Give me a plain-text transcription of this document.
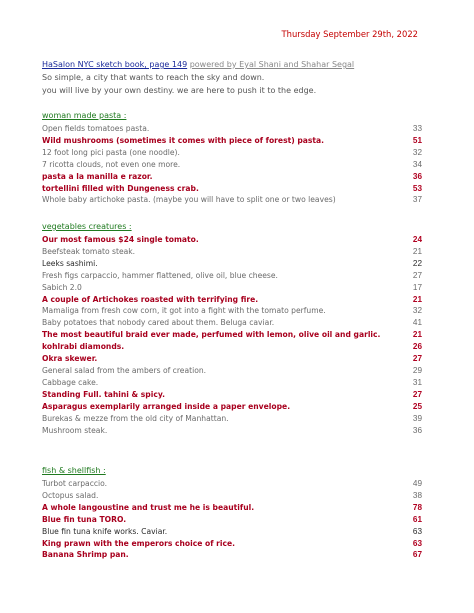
Thursday September 29th, 2022
HaSalon NYC sketch book, page 149 powered by Eyal Shani and Shahar Segal
So simple, a city that wants to reach the sky and down.
you will live by your own destiny. we are here to push it to the edge.
woman made pasta :
Open fields tomatoes pasta.	33
Wild mushrooms (sometimes it comes with piece of forest) pasta.	51
12 foot long pici pasta (one noodle).	32
7 ricotta clouds, not even one more.	34
pasta a la manilla e razor.	36
tortellini filled with Dungeness crab.	53
Whole baby artichoke pasta. (maybe you will have to split one or two leaves)	37
vegetables creatures :
Our most famous $24 single tomato.	24
Beefsteak tomato steak.	21
Leeks sashimi.	22
Fresh figs carpaccio, hammer flattened, olive oil, blue cheese.	27
Sabich 2.0	17
A couple of Artichokes roasted with terrifying fire.	21
Mamaliga from fresh cow corn, it got into a fight with the tomato perfume.	32
Baby potatoes that nobody cared about them. Beluga caviar.	41
The most beautiful braid ever made, perfumed with lemon, olive oil and garlic.	21
kohlrabi diamonds.	26
Okra skewer.	27
General salad from the ambers of creation.	29
Cabbage cake.	31
Standing Full. tahini & spicy.	27
Asparagus exemplarily arranged inside a paper envelope.	25
Burekas & mezze from the old city of Manhattan.	39
Mushroom steak.	36
fish & shellfish :
Turbot carpaccio.	49
Octopus salad.	38
A whole langoustine and trust me he is beautiful.	78
Blue fin tuna TORO.	61
Blue fin tuna knife works. Caviar.	63
King prawn with the emperors choice of rice.	63
Banana Shrimp pan.	67
